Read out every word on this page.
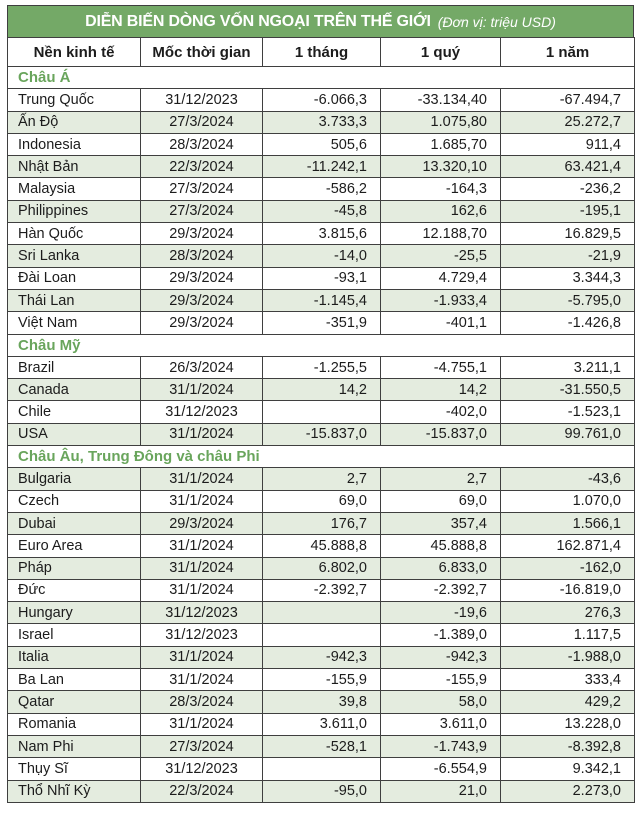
DIỄN BIẾN DÒNG VỐN NGOẠI TRÊN THẾ GIỚI (Đơn vị: triệu USD)
Nền kinh tế	Mốc thời gian	1 tháng	1 quý	1 năm
Châu Á				
Trung Quốc	31/12/2023	-6.066,3	-33.134,40	-67.494,7
Ấn Độ	27/3/2024	3.733,3	1.075,80	25.272,7
Indonesia	28/3/2024	505,6	1.685,70	911,4
Nhật Bản	22/3/2024	-11.242,1	13.320,10	63.421,4
Malaysia	27/3/2024	-586,2	-164,3	-236,2
Philippines	27/3/2024	-45,8	162,6	-195,1
Hàn Quốc	29/3/2024	3.815,6	12.188,70	16.829,5
Sri Lanka	28/3/2024	-14,0	-25,5	-21,9
Đài Loan	29/3/2024	-93,1	4.729,4	3.344,3
Thái Lan	29/3/2024	-1.145,4	-1.933,4	-5.795,0
Việt Nam	29/3/2024	-351,9	-401,1	-1.426,8
Châu Mỹ				
Brazil	26/3/2024	-1.255,5	-4.755,1	3.211,1
Canada	31/1/2024	14,2	14,2	-31.550,5
Chile	31/12/2023		-402,0	-1.523,1
USA	31/1/2024	-15.837,0	-15.837,0	99.761,0
Châu Âu, Trung Đông và châu Phi				
Bulgaria	31/1/2024	2,7	2,7	-43,6
Czech	31/1/2024	69,0	69,0	1.070,0
Dubai	29/3/2024	176,7	357,4	1.566,1
Euro Area	31/1/2024	45.888,8	45.888,8	162.871,4
Pháp	31/1/2024	6.802,0	6.833,0	-162,0
Đức	31/1/2024	-2.392,7	-2.392,7	-16.819,0
Hungary	31/12/2023		-19,6	276,3
Israel	31/12/2023		-1.389,0	1.117,5
Italia	31/1/2024	-942,3	-942,3	-1.988,0
Ba Lan	31/1/2024	-155,9	-155,9	333,4
Qatar	28/3/2024	39,8	58,0	429,2
Romania	31/1/2024	3.611,0	3.611,0	13.228,0
Nam Phi	27/3/2024	-528,1	-1.743,9	-8.392,8
Thụy Sĩ	31/12/2023		-6.554,9	9.342,1
Thổ Nhĩ Kỳ	22/3/2024	-95,0	21,0	2.273,0
